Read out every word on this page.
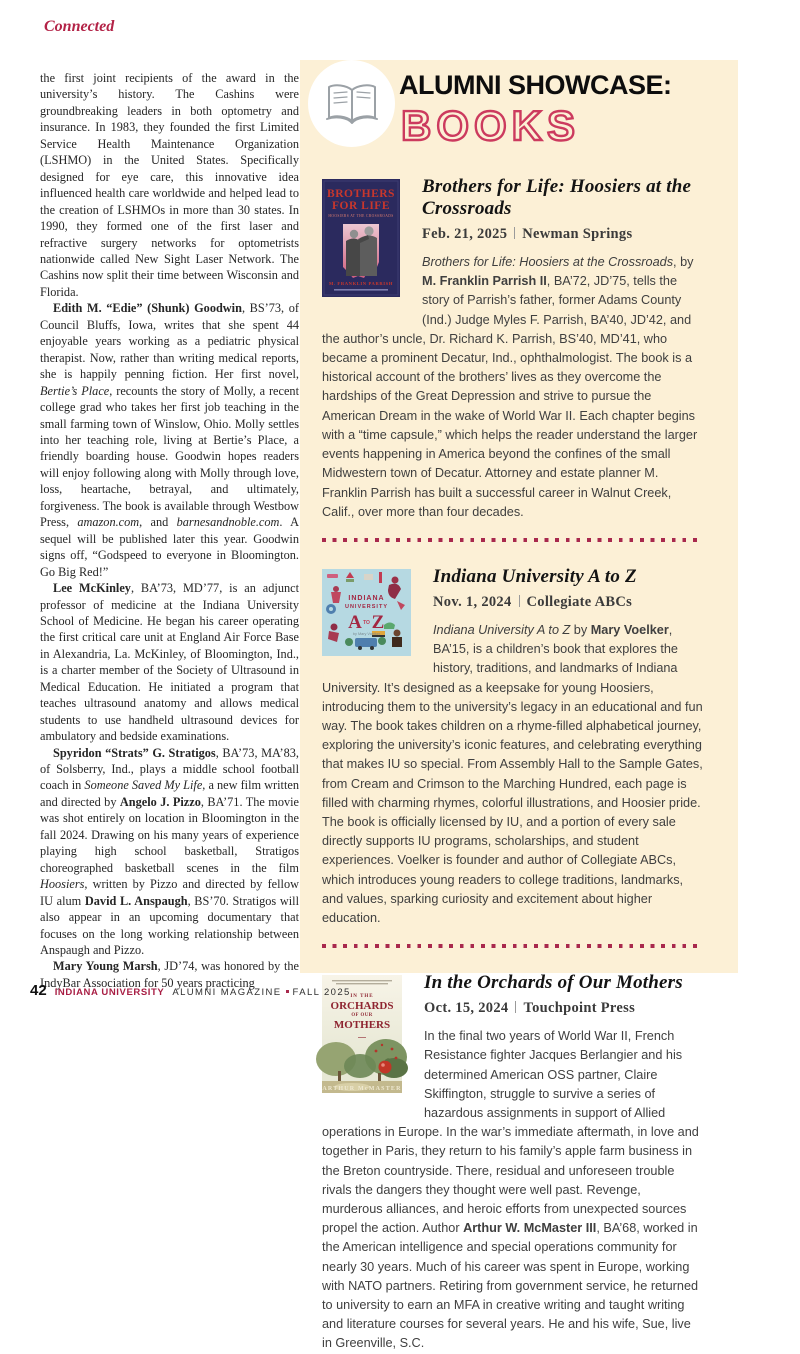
Connected

the first joint recipients of the award in the university’s history. The Cashins were groundbreaking leaders in both optometry and insurance. In 1983, they founded the first Limited Service Health Maintenance Organization (LSHMO) in the United States. Specifically designed for eye care, this innovative idea influenced health care worldwide and helped lead to the creation of LSHMOs in more than 30 states. In 1990, they formed one of the first laser and refractive surgery networks for optometrists nationwide called New Sight Laser Network. The Cashins now split their time between Wisconsin and Florida.

Edith M. “Edie” (Shunk) Goodwin, BS’73, of Council Bluffs, Iowa, writes that she spent 44 enjoyable years working as a pediatric physical therapist. Now, rather than writing medical reports, she is happily penning fiction. Her first novel, Bertie’s Place, recounts the story of Molly, a recent college grad who takes her first job teaching in the small farming town of Winslow, Ohio. Molly settles into her teaching role, living at Bertie’s Place, a friendly boarding house. Goodwin hopes readers will enjoy following along with Molly through love, loss, heartache, betrayal, and ultimately, forgiveness. The book is available through Westbow Press, amazon.com, and barnesandnoble.com. A sequel will be published later this year. Goodwin signs off, “Godspeed to everyone in Bloomington. Go Big Red!”

Lee McKinley, BA’73, MD’77, is an adjunct professor of medicine at the Indiana University School of Medicine. He began his career operating the first critical care unit at England Air Force Base in Alexandria, La. McKinley, of Bloomington, Ind., is a charter member of the Society of Ultrasound in Medical Education. He initiated a program that teaches ultrasound anatomy and allows medical students to use handheld ultrasound devices for ambulatory and bedside examinations.

Spyridon “Strats” G. Stratigos, BA’73, MA’83, of Solsberry, Ind., plays a middle school football coach in Someone Saved My Life, a new film written and directed by Angelo J. Pizzo, BA’71. The movie was shot entirely on location in Bloomington in the fall 2024. Drawing on his many years of experience playing high school basketball, Stratigos choreographed basketball scenes in the film Hoosiers, written by Pizzo and directed by fellow IU alum David L. Anspaugh, BS’70. Stratigos will also appear in an upcoming documentary that focuses on the long working relationship between Anspaugh and Pizzo.

Mary Young Marsh, JD’74, was honored by the IndyBar Association for 50 years practicing

ALUMNI SHOWCASE:
BOOKS
BROTHERS
FOR LIFE
HOOSIERS AT THE CROSSROADS
M. FRANKLIN PARRISH
Brothers for Life: Hoosiers at the Crossroads
Feb. 21, 2025 Newman Springs
Brothers for Life: Hoosiers at the Crossroads, by M. Franklin Parrish II, BA’72, JD’75, tells the story of Parrish’s father, former Adams County (Ind.) Judge Myles F. Parrish, BA’40, JD’42, and the author’s uncle, Dr. Richard K. Parrish, BS’40, MD’41, who became a prominent Decatur, Ind., ophthalmologist. The book is a historical account of the brothers’ lives as they overcome the hardships of the Great Depression and strive to pursue the American Dream in the wake of World War II. Each chapter begins with a “time capsule,” which helps the reader understand the larger events happening in America beyond the confines of the small Midwestern town of Decatur. Attorney and estate planner M. Franklin Parrish has built a successful career in Walnut Creek, Calif., over more than four decades.
INDIANA
UNIVERSITY
A TO Z
by Mary Voelker
Indiana University A to Z
Nov. 1, 2024 Collegiate ABCs
Indiana University A to Z by Mary Voelker, BA’15, is a children’s book that explores the history, traditions, and landmarks of Indiana University. It’s designed as a keepsake for young Hoosiers, introducing them to the university’s legacy in an educational and fun way. The book takes children on a rhyme-filled alphabetical journey, exploring the university’s iconic features, and celebrating everything that makes IU so special. From Assembly Hall to the Sample Gates, from Cream and Crimson to the Marching Hundred, each page is filled with charming rhymes, colorful illustrations, and Hoosier pride. The book is officially licensed by IU, and a portion of every sale directly supports IU programs, scholarships, and student experiences. Voelker is founder and author of Collegiate ABCs, which introduces young readers to college traditions, landmarks, and values, sparking curiosity and excitement about higher education.
IN THE
ORCHARDS
OF OUR
MOTHERS
ARTHUR McMASTER
In the Orchards of Our Mothers
Oct. 15, 2024 Touchpoint Press
In the final two years of World War II, French Resistance fighter Jacques Berlangier and his determined American OSS partner, Claire Skiffington, struggle to survive a series of hazardous assignments in support of Allied operations in Europe. In the war’s immediate aftermath, in love and together in Paris, they return to his family’s apple farm business in the Breton countryside. There, residual and unforeseen trouble rivals the dangers they thought were well past. Revenge, murderous alliances, and heroic efforts from unexpected sources propel the action. Author Arthur W. McMaster III, BA’68, worked in the American intelligence and special operations community for nearly 30 years. Much of his career was spent in Europe, working with NATO partners. Retiring from government service, he returned to university to earn an MFA in creative writing and taught writing and literature courses for several years. He and his wife, Sue, live in Greenville, S.C.
42 INDIANA UNIVERSITY ALUMNI MAGAZINE FALL 2025
